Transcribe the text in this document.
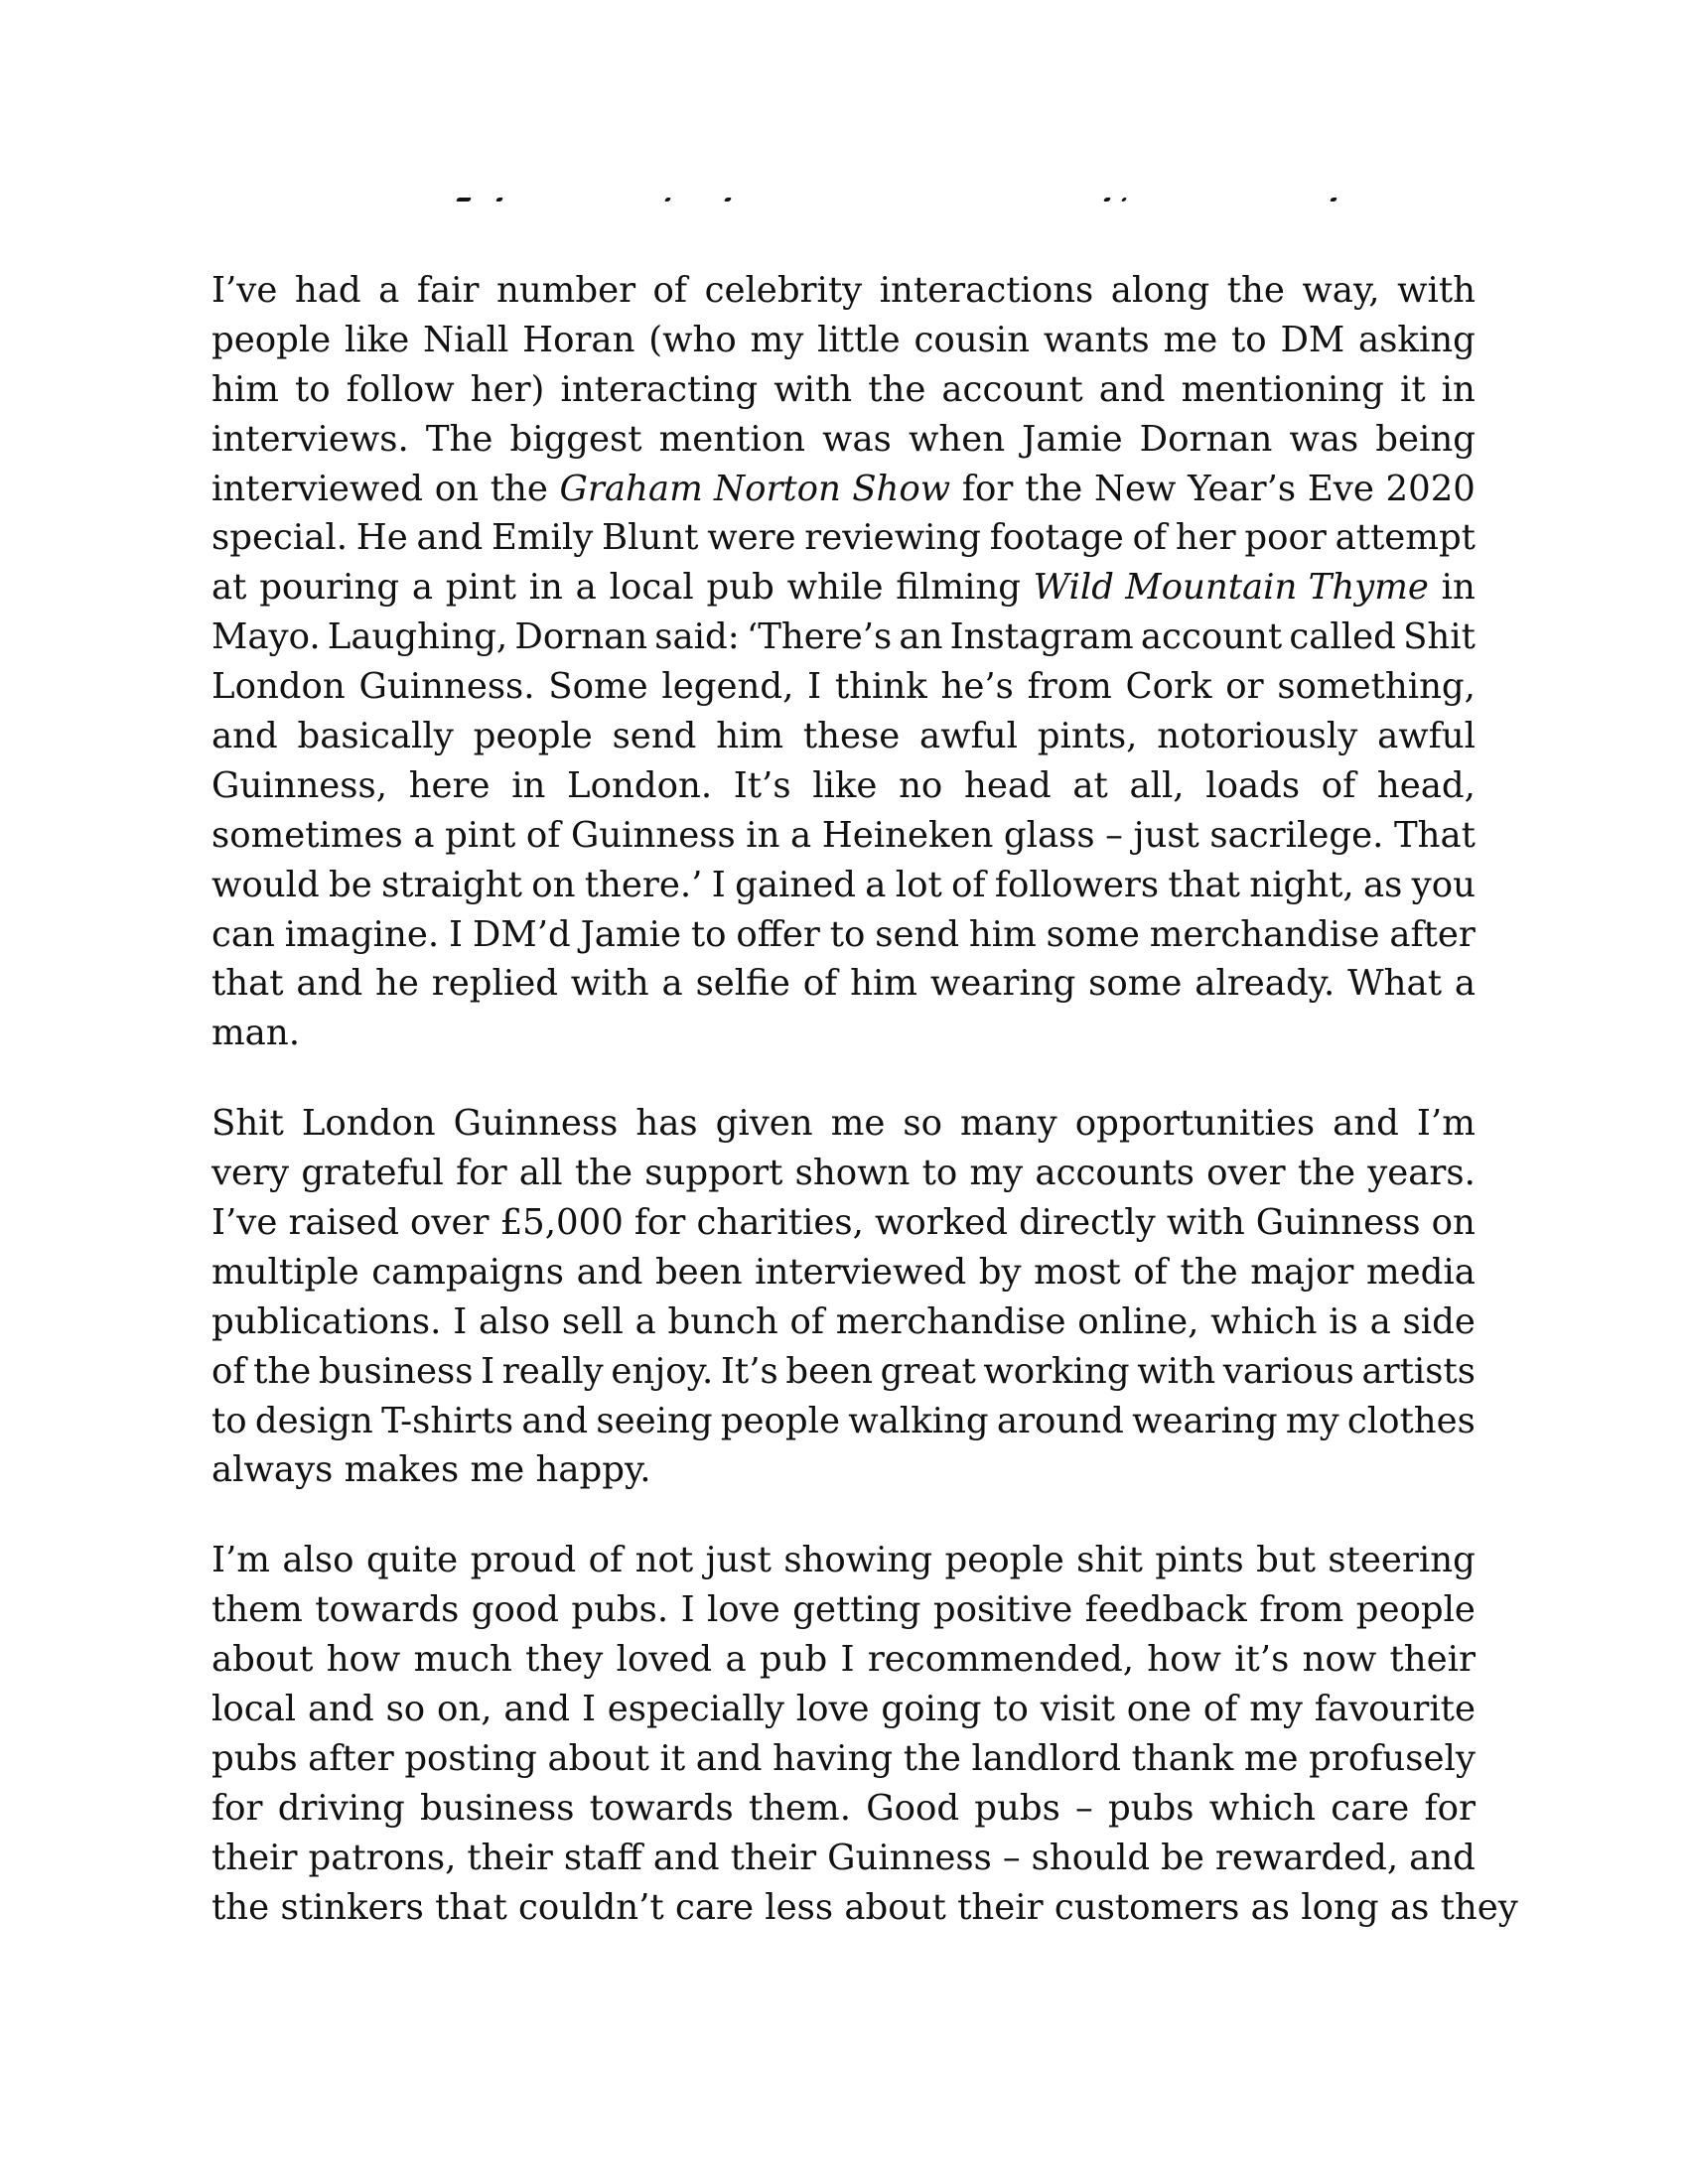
I’ve had a fair number of celebrity interactions along the way, with
people like Niall Horan (who my little cousin wants me to DM asking
him to follow her) interacting with the account and mentioning it in
interviews. The biggest mention was when Jamie Dornan was being
interviewed on the Graham Norton Show for the New Year’s Eve 2020
special. He and Emily Blunt were reviewing footage of her poor attempt
at pouring a pint in a local pub while filming Wild Mountain Thyme in
Mayo. Laughing, Dornan said: ‘There’s an Instagram account called Shit
London Guinness. Some legend, I think he’s from Cork or something,
and basically people send him these awful pints, notoriously awful
Guinness, here in London. It’s like no head at all, loads of head,
sometimes a pint of Guinness in a Heineken glass – just sacrilege. That
would be straight on there.’ I gained a lot of followers that night, as you
can imagine. I DM’d Jamie to offer to send him some merchandise after
that and he replied with a selfie of him wearing some already. What a
man.
Shit London Guinness has given me so many opportunities and I’m
very grateful for all the support shown to my accounts over the years.
I’ve raised over £5,000 for charities, worked directly with Guinness on
multiple campaigns and been interviewed by most of the major media
publications. I also sell a bunch of merchandise online, which is a side
of the business I really enjoy. It’s been great working with various artists
to design T-shirts and seeing people walking around wearing my clothes
always makes me happy.
I’m also quite proud of not just showing people shit pints but steering
them towards good pubs. I love getting positive feedback from people
about how much they loved a pub I recommended, how it’s now their
local and so on, and I especially love going to visit one of my favourite
pubs after posting about it and having the landlord thank me profusely
for driving business towards them. Good pubs – pubs which care for
their patrons, their staff and their Guinness – should be rewarded, and
the stinkers that couldn’t care less about their customers as long as they
